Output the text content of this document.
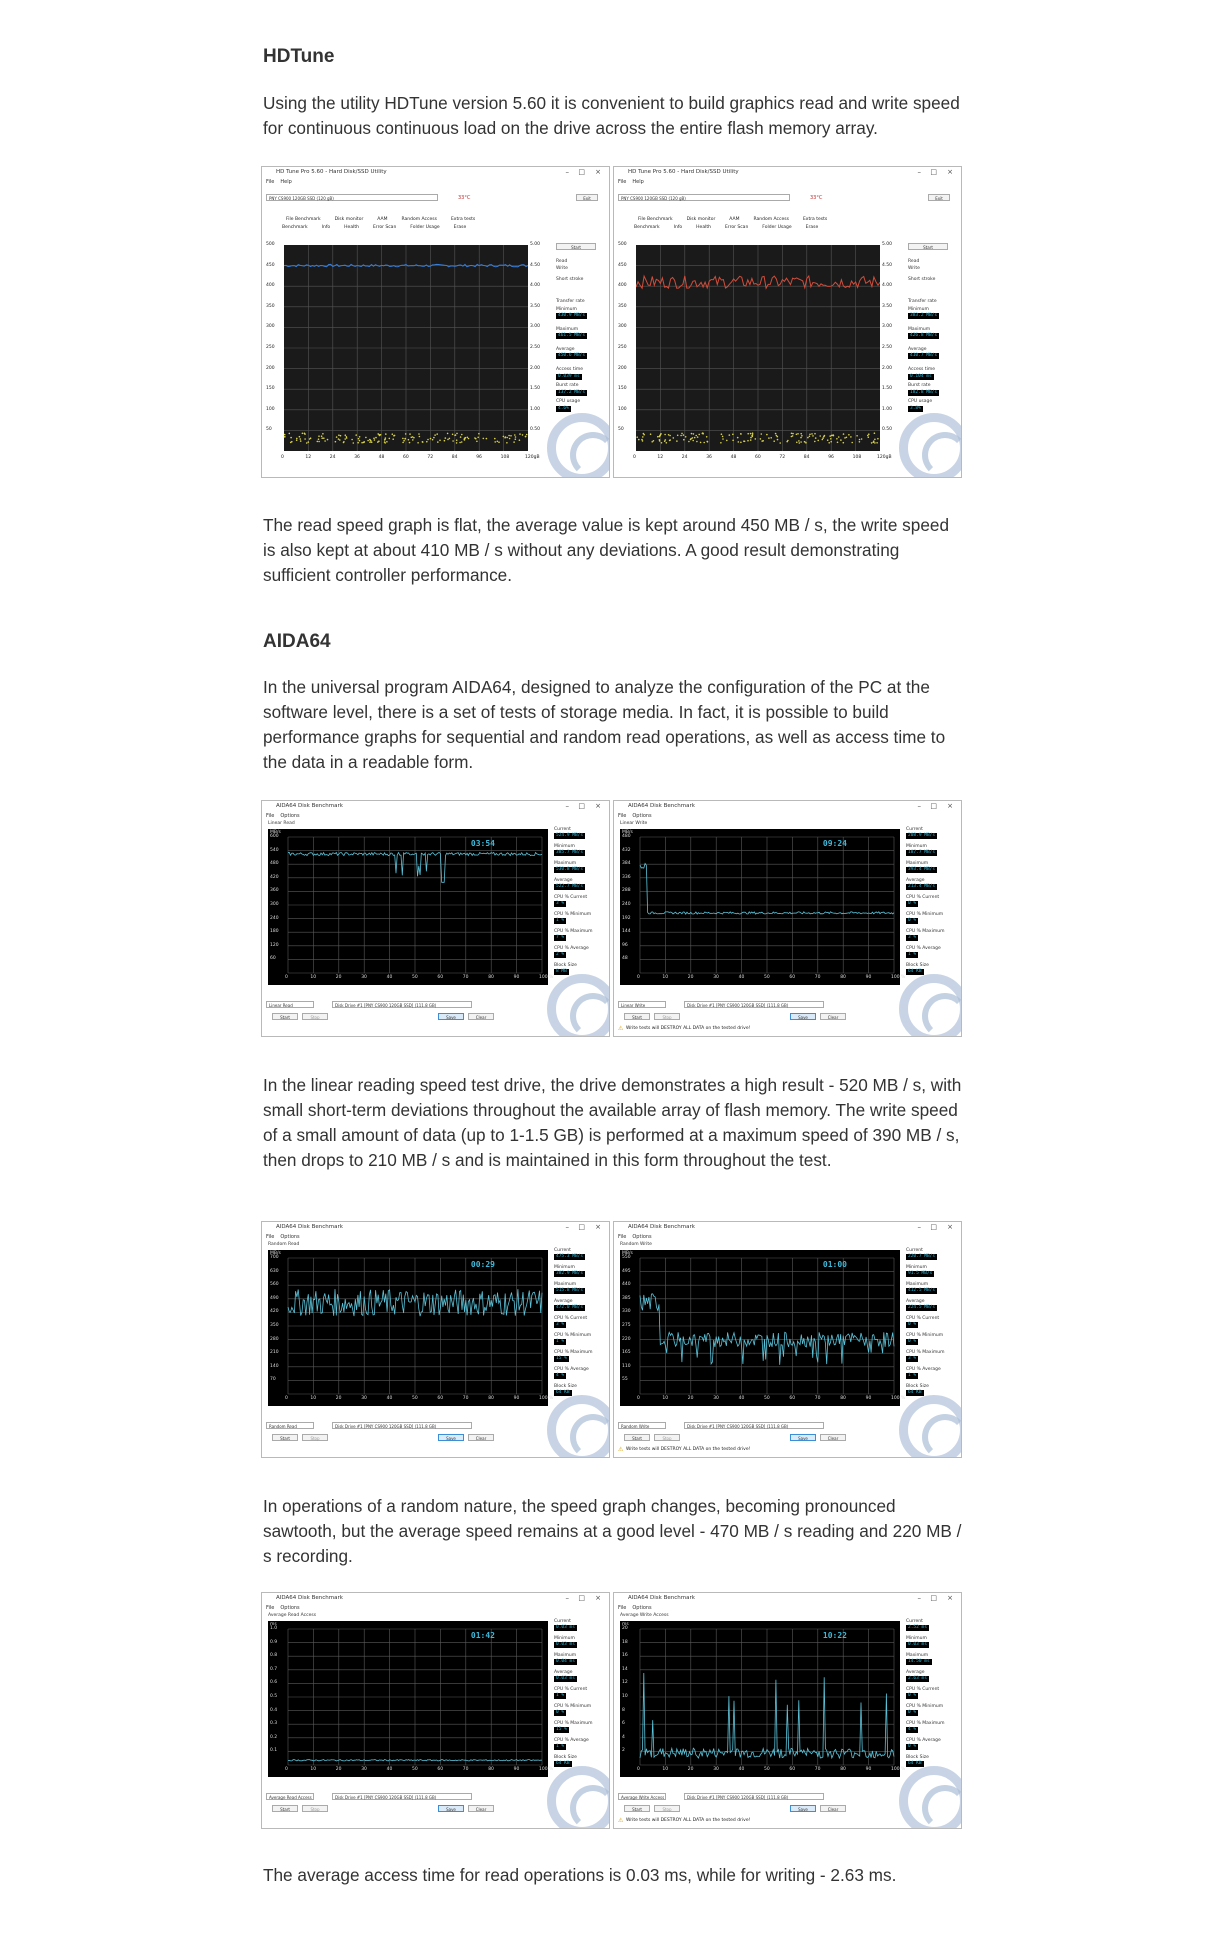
HDTune

Using the utility HDTune version 5.60 it is convenient to build graphics read and write speed for continuous continuous load on the drive across the entire flash memory array.

The read speed graph is flat, the average value is kept around 450 MB / s, the write speed is also kept at about 410 MB / s without any deviations. A good result demonstrating sufficient controller performance.

AIDA64

In the universal program AIDA64, designed to analyze the configuration of the PC at the software level, there is a set of tests of storage media. In fact, it is possible to build performance graphs for sequential and random read operations, as well as access time to the data in a readable form.

In the linear reading speed test drive, the drive demonstrates a high result - 520 MB / s, with small short-term deviations throughout the available array of flash memory. The write speed of a small amount of data (up to 1-1.5 GB) is performed at a maximum speed of 390 MB / s, then drops to 210 MB / s and is maintained in this form throughout the test.

In operations of a random nature, the speed graph changes, becoming pronounced sawtooth, but the average speed remains at a good level - 470 MB / s reading and 220 MB / s recording.

The average access time for read operations is 0.03 ms, while for writing - 2.63 ms.

HD Tune Pro 5.60 - Hard Disk/SSD Utility	– □ ×
File Help
PNY CS900 120GB SSD (120 gB)	33°C	Exit
File Benchmark	Disk monitor	AAM	Random Access	Extra tests
Benchmark	Info	Health	Error Scan	Folder Usage	Erase
500
450
400
350
300
250
200
150
100
50
5.00
4.50
4.00
3.50
3.00
2.50
2.00
1.50
1.00
0.50
0	12	24	36	48	60	72	84	96	108	120gB
Start
Read
Write
Short stroke
Transfer rate
Minimum
430.9 MB/s
Maximum
461.5 MB/s
Average
450.6 MB/s
Access time
0.039 ms
Burst rate
137.2 MB/s
CPU usage
4.6%
HD Tune Pro 5.60 - Hard Disk/SSD Utility	– □ ×
File Help
PNY CS900 120GB SSD (120 gB)	33°C	Exit
File Benchmark	Disk monitor	AAM	Random Access	Extra tests
Benchmark	Info	Health	Error Scan	Folder Usage	Erase
500
450
400
350
300
250
200
150
100
50
5.00
4.50
4.00
3.50
3.00
2.50
2.00
1.50
1.00
0.50
0	12	24	36	48	60	72	84	96	108	120gB
Start
Read
Write
Short stroke
Transfer rate
Minimum
383.2 MB/s
Maximum
426.8 MB/s
Average
410.7 MB/s
Access time
0.104 ms
Burst rate
182.8 MB/s
CPU usage
3.8%
AIDA64 Disk Benchmark	– □ ×
File Options
Linear Read
600
540
480
420
360
300
240
180
120
60
0	10	20	30	40	50	60	70	80	90	100 %
MB/s
03:54
Current
524.9 MB/s
Minimum
385.7 MB/s
Maximum
530.8 MB/s
Average
522.7 MB/s
CPU % Current
3 %
CPU % Minimum
1 %
CPU % Maximum
7 %
CPU % Average
2 %
Block Size
8 MB
Linear Read	Disk Drive #1 [PNY CS900 120GB SSD] (111.8 GB)
Start	Stop	Save	Clear
AIDA64 Disk Benchmark	– □ ×
File Options
Linear Write
480
432
384
336
288
240
192
144
96
48
0	10	20	30	40	50	60	70	80	90	100 %
MB/s
09:24
Current
208.9 MB/s
Minimum
187.7 MB/s
Maximum
393.4 MB/s
Average
213.4 MB/s
CPU % Current
0 %
CPU % Minimum
0 %
CPU % Maximum
3 %
CPU % Average
1 %
Block Size
64 KB
Linear Write	Disk Drive #1 [PNY CS900 120GB SSD] (111.8 GB)
Start	Stop	Save	Clear
⚠ Write tests will DESTROY ALL DATA on the tested drive!
AIDA64 Disk Benchmark	– □ ×
File Options
Random Read
700
630
560
490
420
350
280
210
140
70
0	10	20	30	40	50	60	70	80	90	100 %
MB/s
00:29
Current
475.3 MB/s
Minimum
382.9 MB/s
Maximum
515.8 MB/s
Average
472.0 MB/s
CPU % Current
3 %
CPU % Minimum
1 %
CPU % Maximum
15 %
CPU % Average
4 %
Block Size
64 KB
Random Read	Disk Drive #1 [PNY CS900 120GB SSD] (111.8 GB)
Start	Stop	Save	Clear
AIDA64 Disk Benchmark	– □ ×
File Options
Random Write
550
495
440
385
330
275
220
165
110
55
0	10	20	30	40	50	60	70	80	90	100 %
MB/s
01:00
Current
220.7 MB/s
Minimum
91.5 MB/s
Maximum
412.5 MB/s
Average
224.5 MB/s
CPU % Current
0 %
CPU % Minimum
0 %
CPU % Maximum
3 %
CPU % Average
1 %
Block Size
64 KB
Random Write	Disk Drive #1 [PNY CS900 120GB SSD] (111.8 GB)
Start	Stop	Save	Clear
⚠ Write tests will DESTROY ALL DATA on the tested drive!
AIDA64 Disk Benchmark	– □ ×
File Options
Average Read Access
1.0
0.9
0.8
0.7
0.6
0.5
0.4
0.3
0.2
0.1
0	10	20	30	40	50	60	70	80	90	100 %
ms
01:42
Current
0.03 ms
Minimum
0.03 ms
Maximum
0.04 ms
Average
0.03 ms
CPU % Current
1 %
CPU % Minimum
0 %
CPU % Maximum
15 %
CPU % Average
1 %
Block Size
64 KB
Average Read Access	Disk Drive #1 [PNY CS900 120GB SSD] (111.8 GB)
Start	Stop	Save	Clear
AIDA64 Disk Benchmark	– □ ×
File Options
Average Write Access
20
18
16
14
12
10
8
6
4
2
0	10	20	30	40	50	60	70	80	90	100 %
ms
10:22
Current
2.52 ms
Minimum
0.03 ms
Maximum
14.50 ms
Average
2.63 ms
CPU % Current
0 %
CPU % Minimum
0 %
CPU % Maximum
4 %
CPU % Average
0 %
Block Size
64 KB
Average Write Access	Disk Drive #1 [PNY CS900 120GB SSD] (111.8 GB)
Start	Stop	Save	Clear
⚠ Write tests will DESTROY ALL DATA on the tested drive!
